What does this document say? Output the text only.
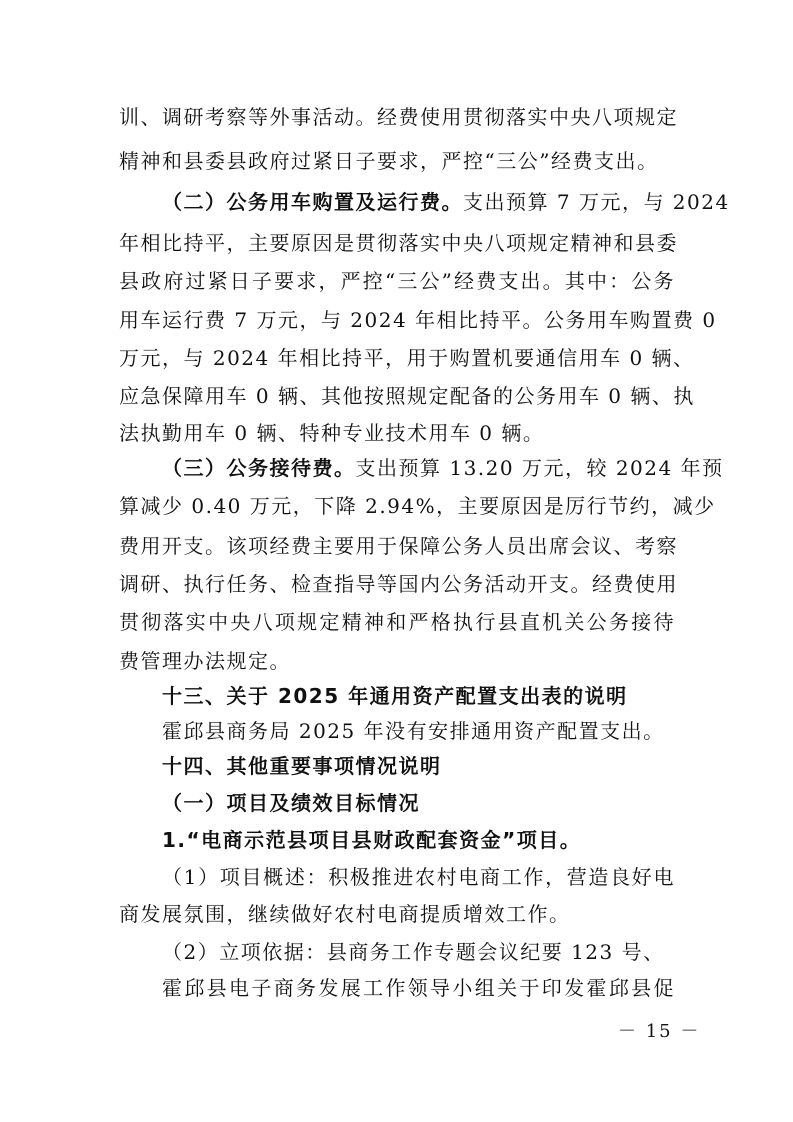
训、调研考察等外事活动。经费使用贯彻落实中央八项规定
精神和县委县政府过紧日子要求，严控“三公”经费支出。
（二）公务用车购置及运行费。支出预算 7 万元，与 2024
年相比持平，主要原因是贯彻落实中央八项规定精神和县委
县政府过紧日子要求，严控“三公”经费支出。其中：公务
用车运行费 7 万元，与 2024 年相比持平。公务用车购置费 0
万元，与 2024 年相比持平，用于购置机要通信用车 0 辆、
应急保障用车 0 辆、其他按照规定配备的公务用车 0 辆、执
法执勤用车 0 辆、特种专业技术用车 0 辆。
（三）公务接待费。支出预算 13.20 万元，较 2024 年预
算减少 0.40 万元，下降 2.94%，主要原因是厉行节约，减少
费用开支。该项经费主要用于保障公务人员出席会议、考察
调研、执行任务、检查指导等国内公务活动开支。经费使用
贯彻落实中央八项规定精神和严格执行县直机关公务接待
费管理办法规定。
十三、关于 2025 年通用资产配置支出表的说明
霍邱县商务局 2025 年没有安排通用资产配置支出。
十四、其他重要事项情况说明
（一）项目及绩效目标情况
1.“电商示范县项目县财政配套资金”项目。
（1）项目概述：积极推进农村电商工作，营造良好电
商发展氛围，继续做好农村电商提质增效工作。
（2）立项依据：县商务工作专题会议纪要 123 号、
霍邱县电子商务发展工作领导小组关于印发霍邱县促
－ 15 －
